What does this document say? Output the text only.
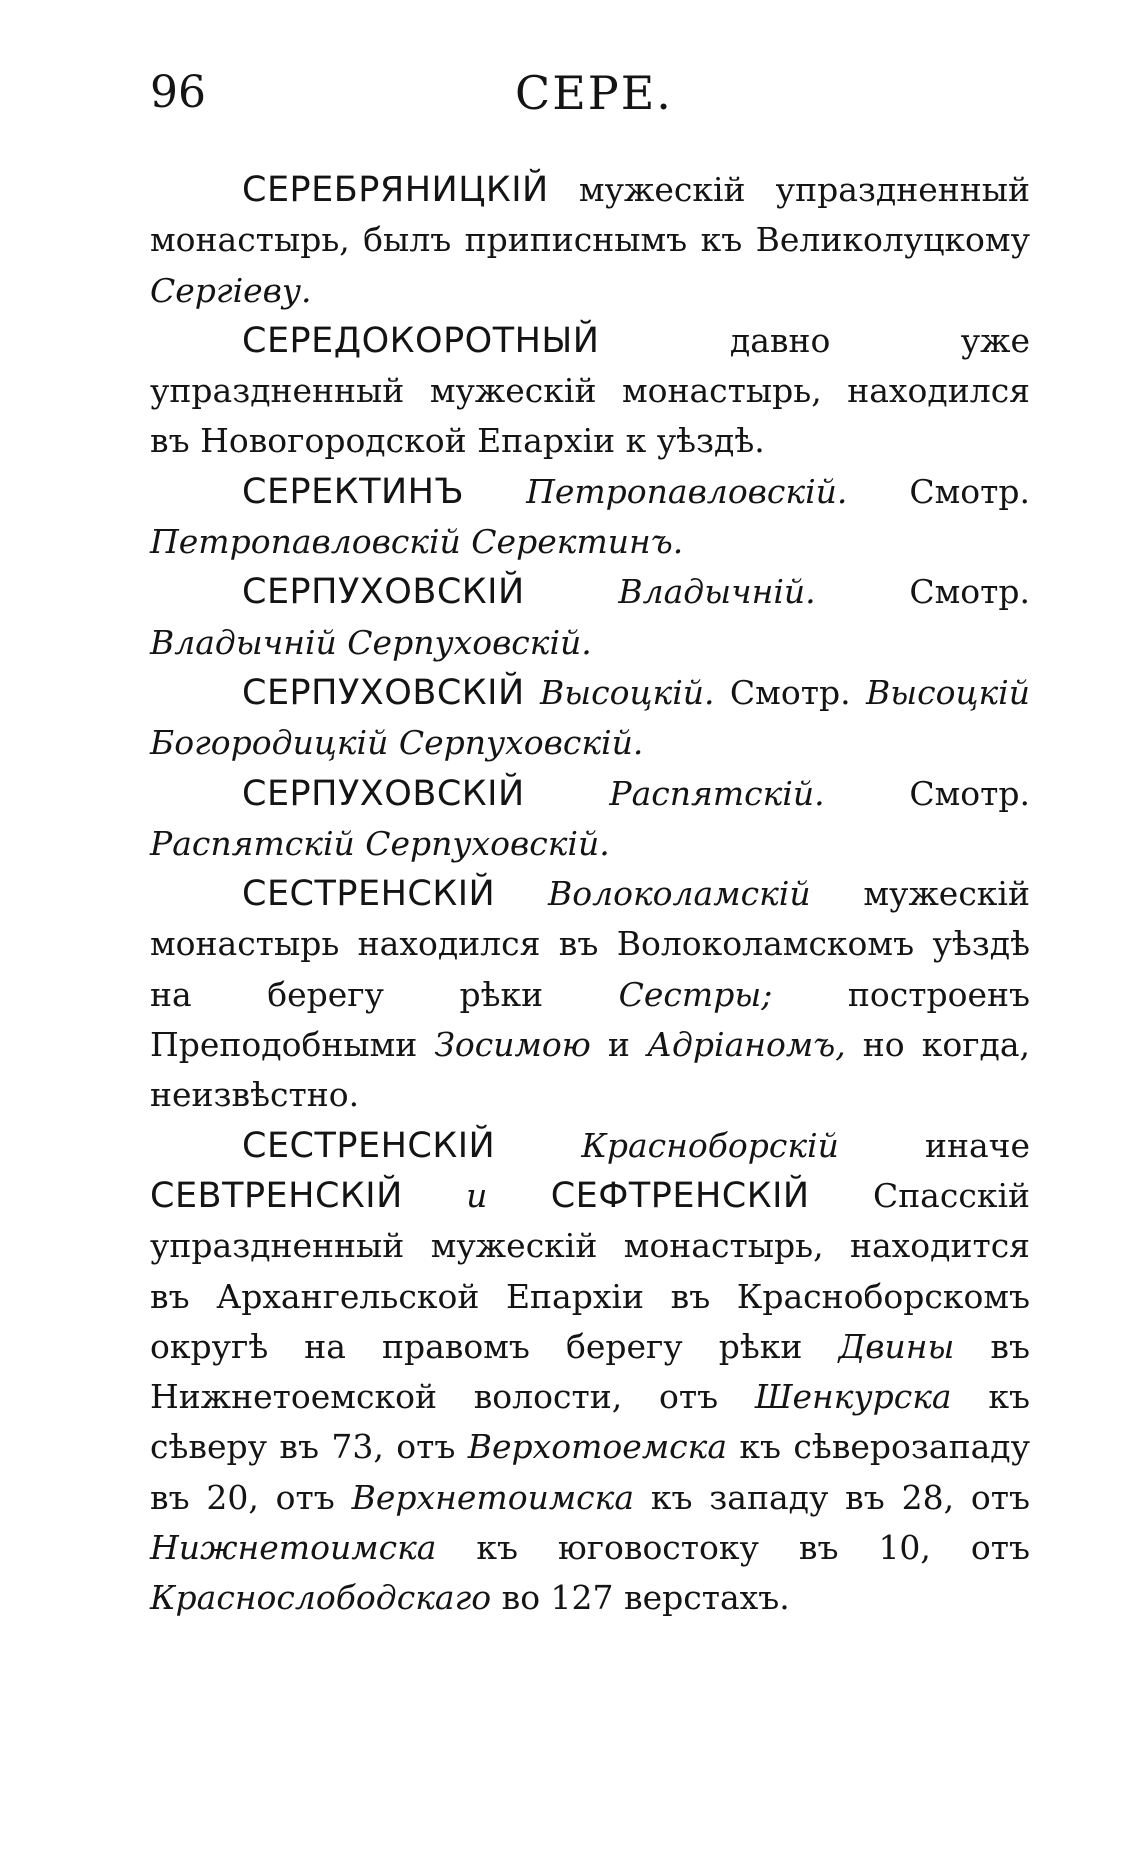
96	СЕРЕ.

СЕРЕБРЯНИЦКІЙ мужескій упраздненный монастырь, былъ приписнымъ къ Великолуцкому Сергіеву.

СЕРЕДОКОРОТНЫЙ давно уже упраздненный мужескій монастырь, находился въ Новогородской Епархіи к уѣздѣ.

СЕРЕКТИНЪ Петропавловскій. Смотр. Петропавловскій Серектинъ.

СЕРПУХОВСКІЙ	Владычній. Смотр. Владычній Серпуховскій.

СЕРПУХОВСКІЙ Высоцкій. Смотр. Высоцкій Богородицкій Серпуховскій.

СЕРПУХОВСКІЙ	Распятскій. Смотр. Распятскій Серпуховскій.

СЕСТРЕНСКІЙ Волоколамскій мужескій монастырь находился въ Волоколамскомъ уѣздѣ на берегу рѣки Сестры; построенъ Преподобными Зосимою и Адріаномъ, но когда, неизвѣстно.

СЕСТРЕНСКІЙ	Красноборскій иначе СЕВТРЕНСКІЙ и СЕФТРЕНСКІЙ Спасскій упраздненный мужескій монастырь, находится въ Архангельской Епархіи въ Красноборскомъ округѣ на правомъ берегу рѣки Двины въ Нижнетоемской волости, отъ Шенкурска къ сѣверу въ 73, отъ Верхотоемска къ сѣверозападу въ 20, отъ Верхнетоимска къ западу въ 28, отъ Нижнетоимска къ юговостоку въ 10, отъ Краснослободскаго во 127 верстахъ.
